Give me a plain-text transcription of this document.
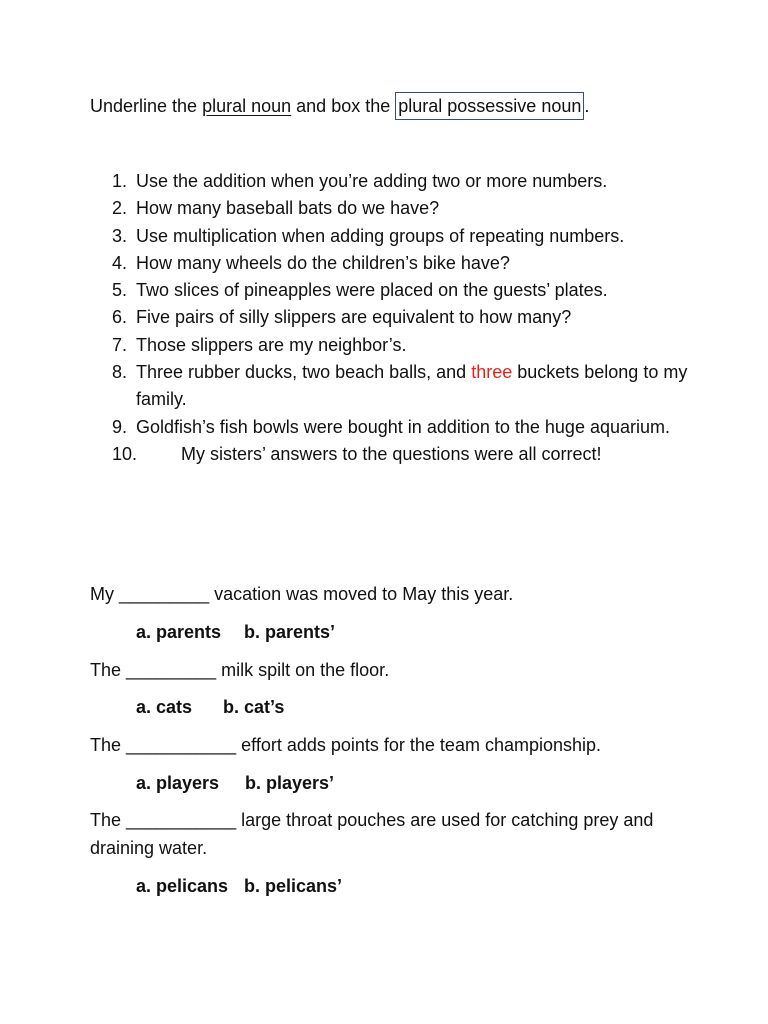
Underline the plural noun and box the plural possessive noun .
1. Use the addition when you’re adding two or more numbers.
2. How many baseball bats do we have?
3. Use multiplication when adding groups of repeating numbers.
4. How many wheels do the children’s bike have?
5. Two slices of pineapples were placed on the guests’ plates.
6. Five pairs of silly slippers are equivalent to how many?
7. Those slippers are my neighbor’s.
8. Three rubber ducks, two beach balls, and three buckets belong to my family.
9. Goldfish’s fish bowls were bought in addition to the huge aquarium.
10. My sisters’ answers to the questions were all correct!
My _________ vacation was moved to May this year.
a. parents b. parents’
The _________ milk spilt on the floor.
a. cats b. cat’s
The ___________ effort adds points for the team championship.
a. players b. players’
The ___________ large throat pouches are used for catching prey and draining water.
a. pelicans b. pelicans’
